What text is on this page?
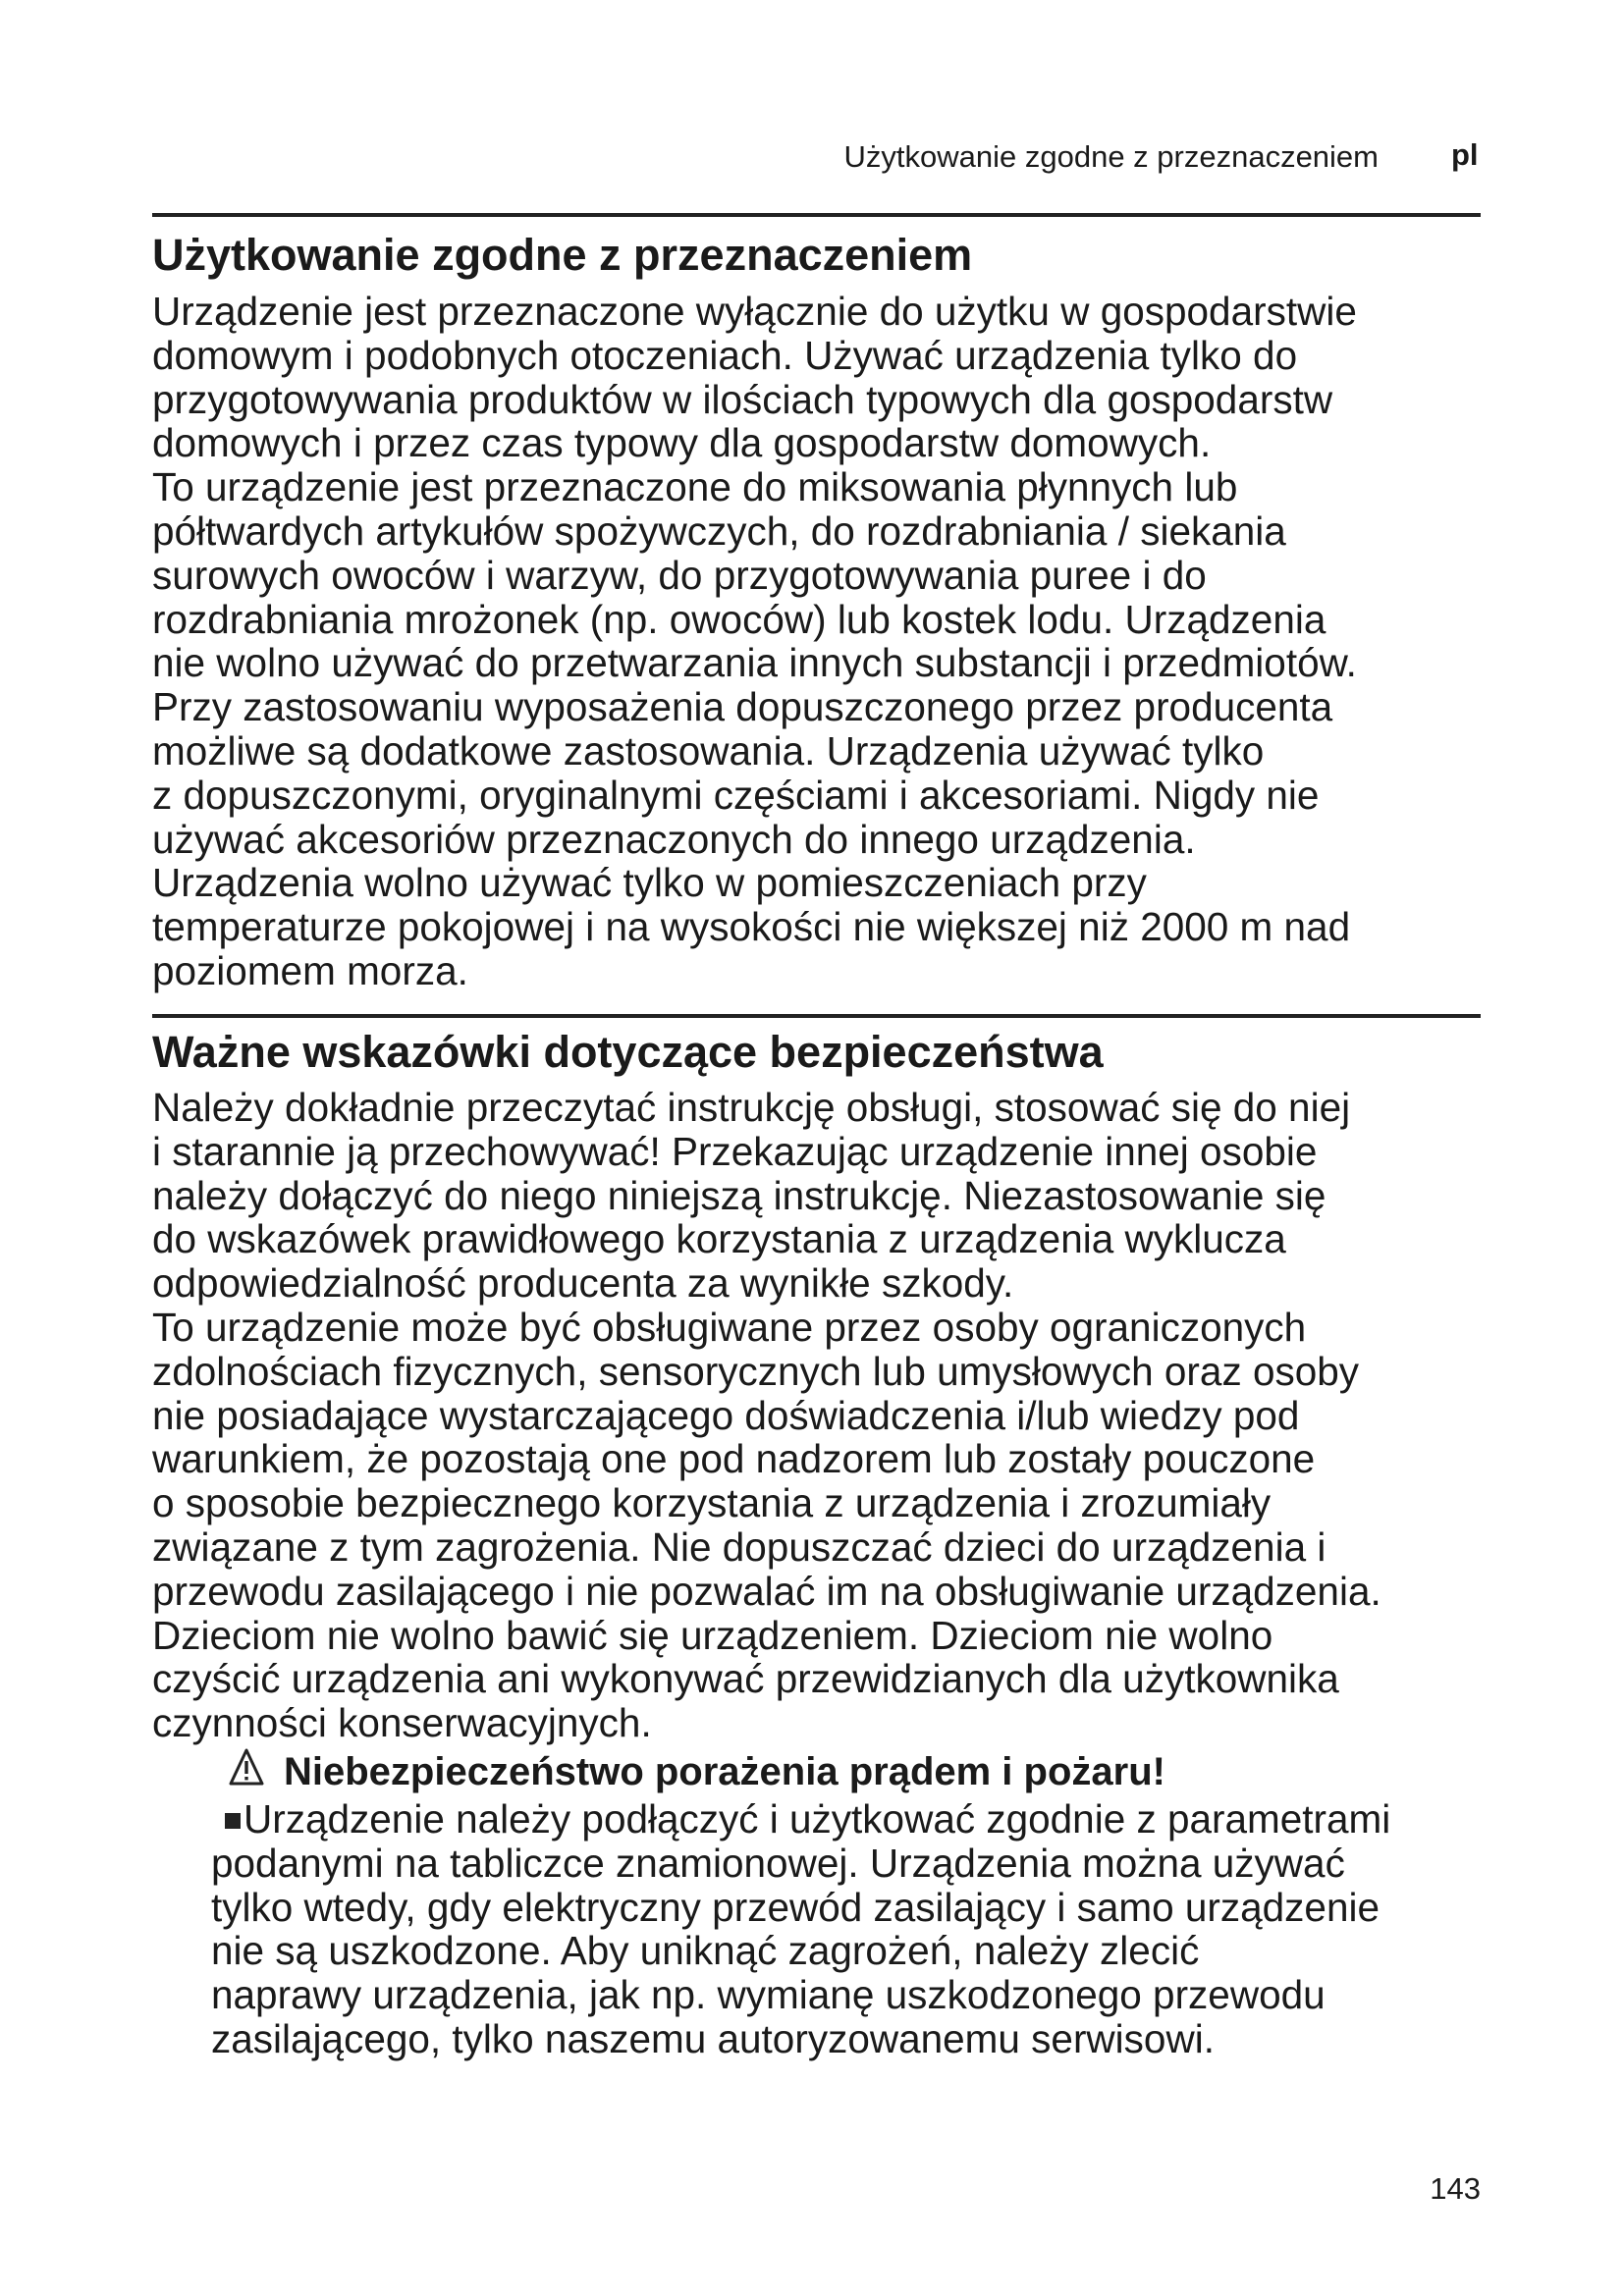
Użytkowanie zgodne z przeznaczeniem pl
Użytkowanie zgodne z przeznaczeniem
Urządzenie jest przeznaczone wyłącznie do użytku w gospodarstwie
domowym i podobnych otoczeniach. Używać urządzenia tylko do
przygotowywania produktów w ilościach typowych dla gospodarstw
domowych i przez czas typowy dla gospodarstw domowych.
To urządzenie jest przeznaczone do miksowania płynnych lub
półtwardych artykułów spożywczych, do rozdrabniania / siekania
surowych owoców i warzyw, do przygotowywania puree i do
rozdrabniania mrożonek (np. owoców) lub kostek lodu. Urządzenia
nie wolno używać do przetwarzania innych substancji i przedmiotów.
Przy zastosowaniu wyposażenia dopuszczonego przez producenta
możliwe są dodatkowe zastosowania. Urządzenia używać tylko
z dopuszczonymi, oryginalnymi częściami i akcesoriami. Nigdy nie
używać akcesoriów przeznaczonych do innego urządzenia.
Urządzenia wolno używać tylko w pomieszczeniach przy
temperaturze pokojowej i na wysokości nie większej niż 2000 m nad
poziomem morza.
Ważne wskazówki dotyczące bezpieczeństwa
Należy dokładnie przeczytać instrukcję obsługi, stosować się do niej
i starannie ją przechowywać! Przekazując urządzenie innej osobie
należy dołączyć do niego niniejszą instrukcję. Niezastosowanie się
do wskazówek prawidłowego korzystania z urządzenia wyklucza
odpowiedzialność producenta za wynikłe szkody.
To urządzenie może być obsługiwane przez osoby ograniczonych
zdolnościach fizycznych, sensorycznych lub umysłowych oraz osoby
nie posiadające wystarczającego doświadczenia i/lub wiedzy pod
warunkiem, że pozostają one pod nadzorem lub zostały pouczone
o sposobie bezpiecznego korzystania z urządzenia i zrozumiały
związane z tym zagrożenia. Nie dopuszczać dzieci do urządzenia i
przewodu zasilającego i nie pozwalać im na obsługiwanie urządzenia.
Dzieciom nie wolno bawić się urządzeniem. Dzieciom nie wolno
czyścić urządzenia ani wykonywać przewidzianych dla użytkownika
czynności konserwacyjnych.
Niebezpieczeństwo porażenia prądem i pożaru!
Urządzenie należy podłączyć i użytkować zgodnie z parametrami
podanymi na tabliczce znamionowej. Urządzenia można używać
tylko wtedy, gdy elektryczny przewód zasilający i samo urządzenie
nie są uszkodzone. Aby uniknąć zagrożeń, należy zlecić
naprawy urządzenia, jak np. wymianę uszkodzonego przewodu
zasilającego, tylko naszemu autoryzowanemu serwisowi.
143
